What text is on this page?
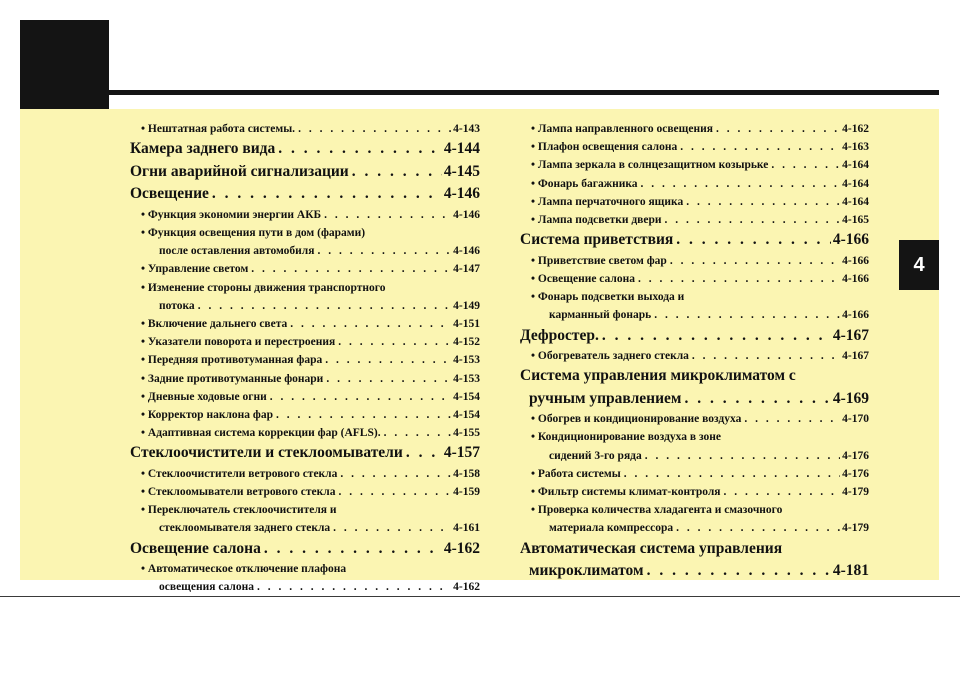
4
• Нештатная работа системы. . . .	4-143
Камера заднего вида . . .	4-144
Огни аварийной сигнализации . . .	4-145
Освещение . . .	4-146
• Функция экономии энергии АКБ . . .	4-146
• Функция освещения пути в дом (фарами)
после оставления автомобиля . . .	4-146
• Управление светом . . .	4-147
• Изменение стороны движения транспортного
потока . . .	4-149
• Включение дальнего света . . .	4-151
• Указатели поворота и перестроения . . .	4-152
• Передняя противотуманная фара . . .	4-153
• Задние противотуманные фонари . . .	4-153
• Дневные ходовые огни . . .	4-154
• Корректор наклона фар . . .	4-154
• Адаптивная система коррекции фар (AFLS). . . .	4-155
Стеклоочистители и стеклоомыватели . . .	4-157
• Стеклоочистители ветрового стекла . . .	4-158
• Стеклоомыватели ветрового стекла . . .	4-159
• Переключатель стеклоочистителя и
стеклоомывателя заднего стекла . . .	4-161
Освещение салона . . .	4-162
• Автоматическое отключение плафона
освещения салона . . .	4-162
• Лампа направленного освещения . . .	4-162
• Плафон освещения салона . . .	4-163
• Лампа зеркала в солнцезащитном козырьке . . .	4-164
• Фонарь багажника . . .	4-164
• Лампа перчаточного ящика . . .	4-164
• Лампа подсветки двери . . .	4-165
Система приветствия . . .	4-166
• Приветствие светом фар . . .	4-166
• Освещение салона . . .	4-166
• Фонарь подсветки выхода и
карманный фонарь . . .	4-166
Дефростер. . . .	4-167
• Обогреватель заднего стекла . . .	4-167
Система управления микроклиматом с
ручным управлением . . .	4-169
• Обогрев и кондиционирование воздуха . . .	4-170
• Кондиционирование воздуха в зоне
сидений 3-го ряда . . .	4-176
• Работа системы . . .	4-176
• Фильтр системы климат-контроля . . .	4-179
• Проверка количества хладагента и смазочного
материала компрессора . . .	4-179
Автоматическая система управления
микроклиматом . . .	4-181
